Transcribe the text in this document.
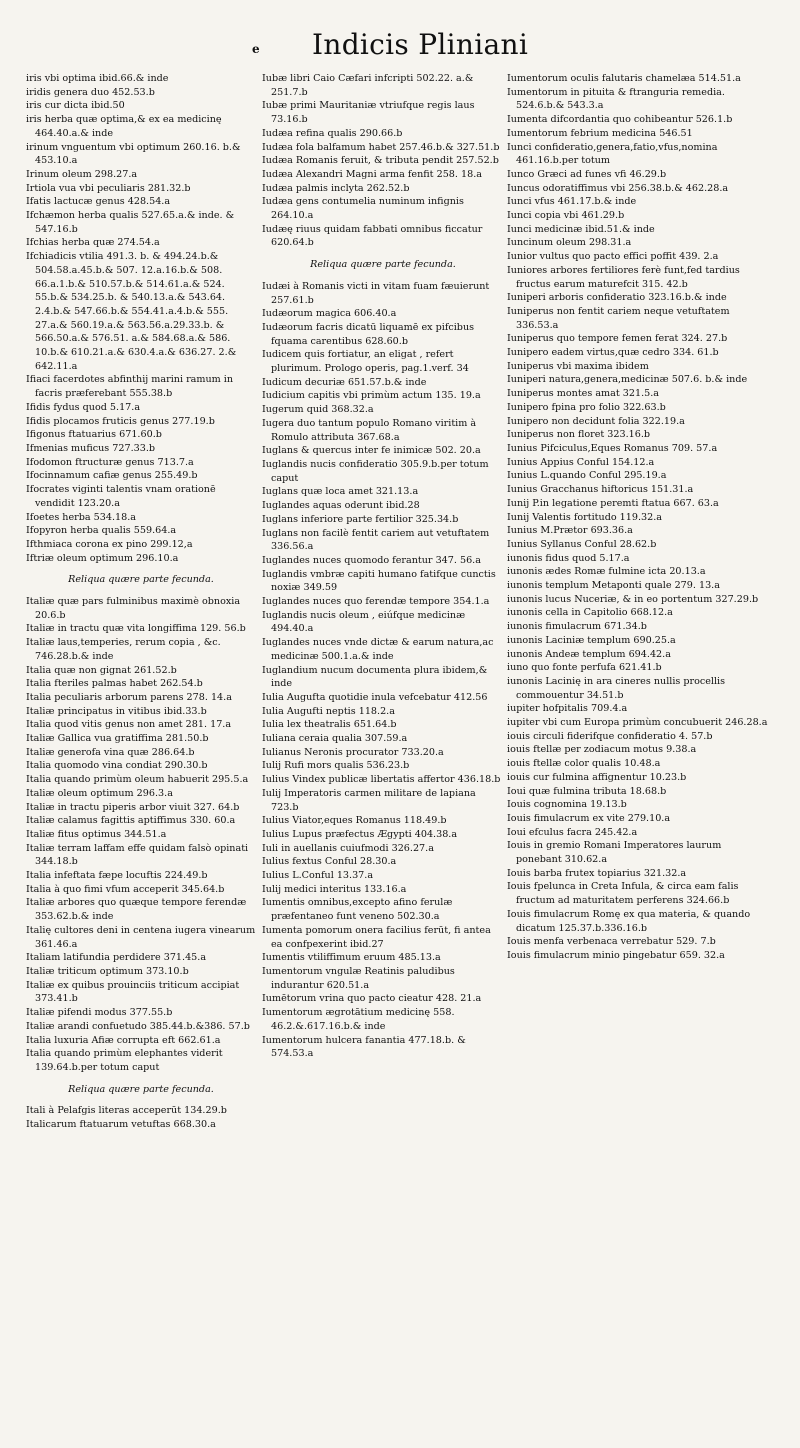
e Indicis Pliniani

iris vbi optima ibid.66.& inde

iridis genera duo 452.53.b

iris cur dicta ibid.50

iris herba quæ optima,& ex ea medicinę 464.40.a.& inde

irinum vnguentum vbi optimum 260.16. b.& 453.10.a

Irinum oleum 298.27.a

Irtiola vua vbi peculiaris 281.32.b

Ifatis lactucæ genus 428.54.a

Ifchæmon herba qualis 527.65.a.& inde. & 547.16.b

Ifchias herba quæ 274.54.a

Ifchiadicis vtilia 491.3. b. & 494.24.b.& 504.58.a.45.b.& 507. 12.a.16.b.& 508. 66.a.1.b.& 510.57.b.& 514.61.a.& 524. 55.b.& 534.25.b. & 540.13.a.& 543.64. 2.4.b.& 547.66.b.& 554.41.a.4.b.& 555. 27.a.& 560.19.a.& 563.56.a.29.33.b. & 566.50.a.& 576.51. a.& 584.68.a.& 586. 10.b.& 610.21.a.& 630.4.a.& 636.27. 2.& 642.11.a

Ifiaci facerdotes abfinthij marini ramum in facris præferebant 555.38.b

Ifidis fydus quod 5.17.a

Ifidis plocamos fruticis genus 277.19.b

Ifigonus ftatuarius 671.60.b

Ifmenias muficus 727.33.b

Ifodomon ftructuræ genus 713.7.a

Ifocinnamum cafiæ genus 255.49.b

Ifocrates viginti talentis vnam orationē vendidit 123.20.a

Ifoetes herba 534.18.a

Ifopyron herba qualis 559.64.a

Ifthmiaca corona ex pino 299.12,a

Iftriæ oleum optimum 296.10.a

Reliqua quære parte fecunda.

Italiæ quæ pars fulminibus maximè obnoxia 20.6.b

Italiæ in tractu quæ vita longiffima 129. 56.b

Italiæ laus,temperies, rerum copia , &c. 746.28.b.& inde

Italia quæ non gignat 261.52.b

Italia fteriles palmas habet 262.54.b

Italia peculiaris arborum parens 278. 14.a

Italiæ principatus in vitibus ibid.33.b

Italia quod vitis genus non amet 281. 17.a

Italiæ Gallica vua gratiffima 281.50.b

Italiæ generofa vina quæ 286.64.b

Italia quomodo vina condiat 290.30.b

Italia quando primùm oleum habuerit 295.5.a

Italiæ oleum optimum 296.3.a

Italiæ in tractu piperis arbor viuit 327. 64.b

Italiæ calamus fagittis aptiffimus 330. 60.a

Italiæ fitus optimus 344.51.a

Italiæ terram laffam effe quidam falsò opinati 344.18.b

Italia infeftata fæpe locuftis 224.49.b

Italia à quo fimi vfum acceperit 345.64.b

Italiæ arbores quo quæque tempore ferendæ 353.62.b.& inde

Italię cultores deni in centena iugera vinearum 361.46.a

Italiam latifundia perdidere 371.45.a

Italiæ triticum optimum 373.10.b

Italiæ ex quibus prouinciis triticum accipiat 373.41.b

Italiæ pifendi modus 377.55.b

Italiæ arandi confuetudo 385.44.b.&386. 57.b

Italia luxuria Afiæ corrupta eft 662.61.a

Italia quando primùm elephantes viderit 139.64.b.per totum caput

Reliqua quære parte fecunda.

Itali à Pelafgis literas acceperūt 134.29.b

Italicarum ftatuarum vetuftas 668.30.a

Iubæ libri Caio Cæfari infcripti 502.22. a.& 251.7.b

Iubæ primi Mauritaniæ vtriufque regis laus 73.16.b

Iudæa refina qualis 290.66.b

Iudæa fola balfamum habet 257.46.b.& 327.51.b

Iudæa Romanis feruit, & tributa pendit 257.52.b

Iudæa Alexandri Magni arma fenfit 258. 18.a

Iudæa palmis inclyta 262.52.b

Iudæa gens contumelia numinum infignis 264.10.a

Iudæę riuus quidam fabbati omnibus ficcatur 620.64.b

Reliqua quære parte fecunda.

Iudæi à Romanis victi in vitam fuam fæuierunt 257.61.b

Iudæorum magica 606.40.a

Iudæorum facris dicatū liquamē ex pifcibus fquama carentibus 628.60.b

Iudicem quis fortiatur, an eligat , refert plurimum. Prologo operis, pag.1.verf. 34

Iudicum decuriæ 651.57.b.& inde

Iudicium capitis vbi primùm actum 135. 19.a

Iugerum quid 368.32.a

Iugera duo tantum populo Romano viritim à Romulo attributa 367.68.a

Iuglans & quercus inter fe inimicæ 502. 20.a

Iuglandis nucis confideratio 305.9.b.per totum caput

Iuglans quæ loca amet 321.13.a

Iuglandes aquas oderunt ibid.28

Iuglans inferiore parte fertilior 325.34.b

Iuglans non facilè fentit cariem aut vetuftatem 336.56.a

Iuglandes nuces quomodo ferantur 347. 56.a

Iuglandis vmbræ capiti humano fatifque cunctis noxiæ 349.59

Iuglandes nuces quo ferendæ tempore 354.1.a

Iuglandis nucis oleum , eiúfque medicinæ 494.40.a

Iuglandes nuces vnde dictæ & earum natura,ac medicinæ 500.1.a.& inde

Iuglandium nucum documenta plura ibidem,& inde

Iulia Augufta quotidie inula vefcebatur 412.56

Iulia Augufti neptis 118.2.a

Iulia lex theatralis 651.64.b

Iuliana ceraia qualia 307.59.a

Iulianus Neronis procurator 733.20.a

Iulij Rufi mors qualis 536.23.b

Iulius Vindex publicæ libertatis affertor 436.18.b

Iulij Imperatoris carmen militare de lapiana 723.b

Iulius Viator,eques Romanus 118.49.b

Iulius Lupus præfectus Ægypti 404.38.a

Iuli in auellanis cuiufmodi 326.27.a

Iulius fextus Conful 28.30.a

Iulius L.Conful 13.37.a

Iulij medici interitus 133.16.a

Iumentis omnibus,excepto afino ferulæ præfentaneo funt veneno 502.30.a

Iumenta pomorum onera facilius ferūt, fi antea ea confpexerint ibid.27

Iumentis vtiliffimum eruum 485.13.a

Iumentorum vngulæ Reatinis paludibus indurantur 620.51.a

Iumētorum vrina quo pacto cieatur 428. 21.a

Iumentorum ægrotātium medicinę 558. 46.2.&.617.16.b.& inde

Iumentorum hulcera fanantia 477.18.b. & 574.53.a

Iumentorum oculis falutaris chamelæa 514.51.a

Iumentorum in pituita & ftranguria remedia. 524.6.b.& 543.3.a

Iumenta difcordantia quo cohibeantur 526.1.b

Iumentorum febrium medicina 546.51

Iunci confideratio,genera,fatio,vfus,nomina 461.16.b.per totum

Iunco Græci ad funes vfi 46.29.b

Iuncus odoratiffimus vbi 256.38.b.& 462.28.a

Iunci vfus 461.17.b.& inde

Iunci copia vbi 461.29.b

Iunci medicinæ ibid.51.& inde

Iuncinum oleum 298.31.a

Iunior vultus quo pacto effici poffit 439. 2.a

Iuniores arbores fertiliores ferè funt,fed tardius fructus earum maturefcit 315. 42.b

Iuniperi arboris confideratio 323.16.b.& inde

Iuniperus non fentit cariem neque vetuftatem 336.53.a

Iuniperus quo tempore femen ferat 324. 27.b

Iunipero eadem virtus,quæ cedro 334. 61.b

Iuniperus vbi maxima ibidem

Iuniperi natura,genera,medicinæ 507.6. b.& inde

Iuniperus montes amat 321.5.a

Iunipero fpina pro folio 322.63.b

Iunipero non decidunt folia 322.19.a

Iuniperus non floret 323.16.b

Iunius Pifciculus,Eques Romanus 709. 57.a

Iunius Appius Conful 154.12.a

Iunius L.quando Conful 295.19.a

Iunius Gracchanus hiftoricus 151.31.a

Iunij P.in legatione peremti ftatua 667. 63.a

Iunij Valentis fortitudo 119.32.a

Iunius M.Prætor 693.36.a

Iunius Syllanus Conful 28.62.b

iunonis fidus quod 5.17.a

iunonis ædes Romæ fulmine icta 20.13.a

iunonis templum Metaponti quale 279. 13.a

iunonis lucus Nuceriæ, & in eo portentum 327.29.b

iunonis cella in Capitolio 668.12.a

iunonis fimulacrum 671.34.b

iunonis Laciniæ templum 690.25.a

iunonis Andeæ templum 694.42.a

iuno quo fonte perfufa 621.41.b

iunonis Lacinię in ara cineres nullis procellis commouentur 34.51.b

iupiter hofpitalis 709.4.a

iupiter vbi cum Europa primùm concubuerit 246.28.a

iouis circuli fiderifque confideratio 4. 57.b

iouis ftellæ per zodiacum motus 9.38.a

iouis ftellæ color qualis 10.48.a

iouis cur fulmina affignentur 10.23.b

Ioui quæ fulmina tributa 18.68.b

Iouis cognomina 19.13.b

Iouis fimulacrum ex vite 279.10.a

Ioui efculus facra 245.42.a

Iouis in gremio Romani Imperatores laurum ponebant 310.62.a

Iouis barba frutex topiarius 321.32.a

Iouis fpelunca in Creta Infula, & circa eam falis fructum ad maturitatem perferens 324.66.b

Iouis fimulacrum Romę ex qua materia, & quando dicatum 125.37.b.336.16.b

Iouis menfa verbenaca verrebatur 529. 7.b

Iouis fimulacrum minio pingebatur 659. 32.a
